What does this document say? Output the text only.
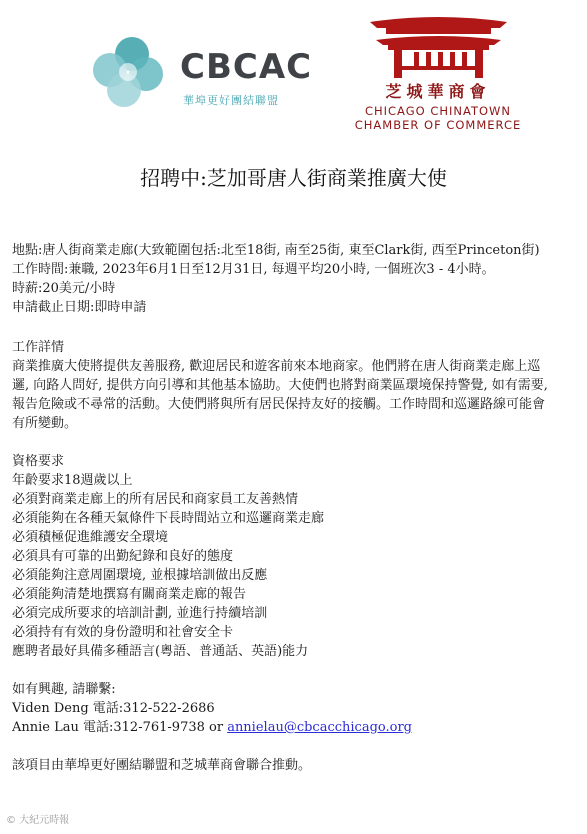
CBCAC
華埠更好團結聯盟	芝城華商會
CHICAGO CHINATOWN
CHAMBER OF COMMERCE
招聘中:芝加哥唐人街商業推廣大使

地點:唐人街商業走廊(大致範圍包括:北至18街, 南至25街, 東至Clark街, 西至Princeton街)

工作時間:兼職, 2023年6月1日至12月31日, 每週平均20小時, 一個班次3 - 4小時。

時薪:20美元/小時

申請截止日期:即時申請

工作詳情

商業推廣大使將提供友善服務, 歡迎居民和遊客前來本地商家。他們將在唐人街商業走廊上巡邏, 向路人問好, 提供方向引導和其他基本協助。大使們也將對商業區環境保持警覺, 如有需要, 報告危險或不尋常的活動。大使們將與所有居民保持友好的接觸。工作時間和巡邏路線可能會有所變動。

資格要求

年齡要求18週歲以上

必須對商業走廊上的所有居民和商家員工友善熱情

必須能夠在各種天氣條件下長時間站立和巡邏商業走廊

必須積極促進維護安全環境

必須具有可靠的出勤紀錄和良好的態度

必須能夠注意周圍環境, 並根據培訓做出反應

必須能夠清楚地撰寫有關商業走廊的報告

必須完成所要求的培訓計劃, 並進行持續培訓

必須持有有效的身份證明和社會安全卡

應聘者最好具備多種語言(粵語、普通話、英語)能力

如有興趣, 請聯繫:

Viden Deng 電話:312-522-2686

Annie Lau 電話:312-761-9738 or annielau@cbcacchicago.org

該項目由華埠更好團結聯盟和芝城華商會聯合推動。

© 大紀元時報
